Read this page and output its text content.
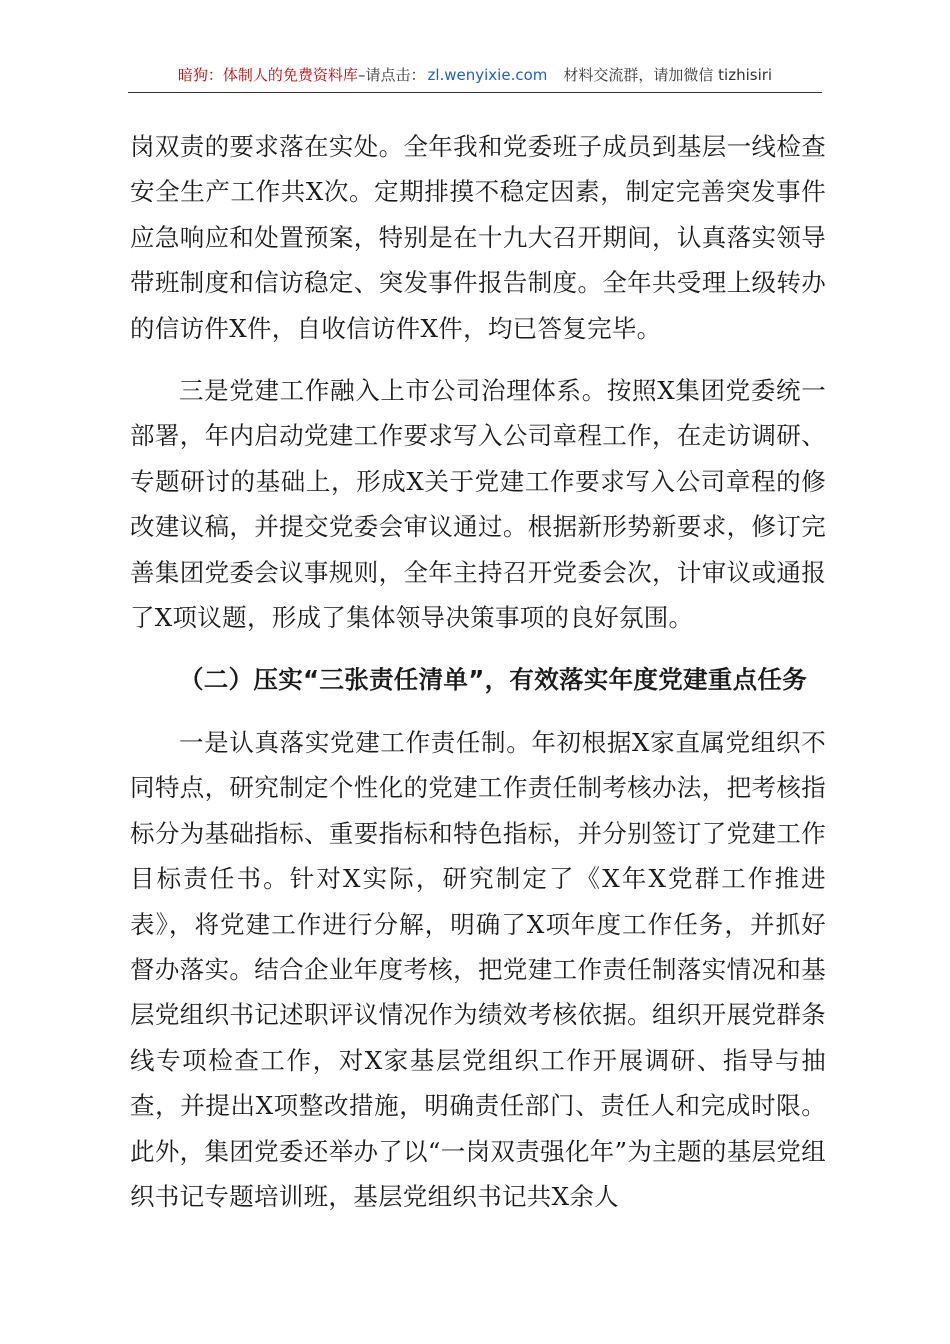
暗狗：体制人的免费资料库–请点击： zl.wenyixie.com 材料交流群，请加微信 tizhisiri

岗双责的要求落在实处。全年我和党委班子成员到基层一线检查安全生产工作共X次。定期排摸不稳定因素，制定完善突发事件应急响应和处置预案，特别是在十九大召开期间，认真落实领导带班制度和信访稳定、突发事件报告制度。全年共受理上级转办的信访件X件，自收信访件X件，均已答复完毕。

三是党建工作融入上市公司治理体系。按照X集团党委统一部署，年内启动党建工作要求写入公司章程工作，在走访调研、专题研讨的基础上，形成X关于党建工作要求写入公司章程的修改建议稿，并提交党委会审议通过。根据新形势新要求，修订完善集团党委会议事规则，全年主持召开党委会次，计审议或通报了X项议题，形成了集体领导决策事项的良好氛围。

（二）压实“三张责任清单”，有效落实年度党建重点任务

一是认真落实党建工作责任制。年初根据X家直属党组织不同特点，研究制定个性化的党建工作责任制考核办法，把考核指标分为基础指标、重要指标和特色指标，并分别签订了党建工作目标责任书。针对X实际，研究制定了《X年X党群工作推进表》，将党建工作进行分解，明确了X项年度工作任务，并抓好督办落实。结合企业年度考核，把党建工作责任制落实情况和基层党组织书记述职评议情况作为绩效考核依据。组织开展党群条线专项检查工作，对X家基层党组织工作开展调研、指导与抽查，并提出X项整改措施，明确责任部门、责任人和完成时限。此外，集团党委还举办了以“一岗双责强化年”为主题的基层党组织书记专题培训班，基层党组织书记共X余人
